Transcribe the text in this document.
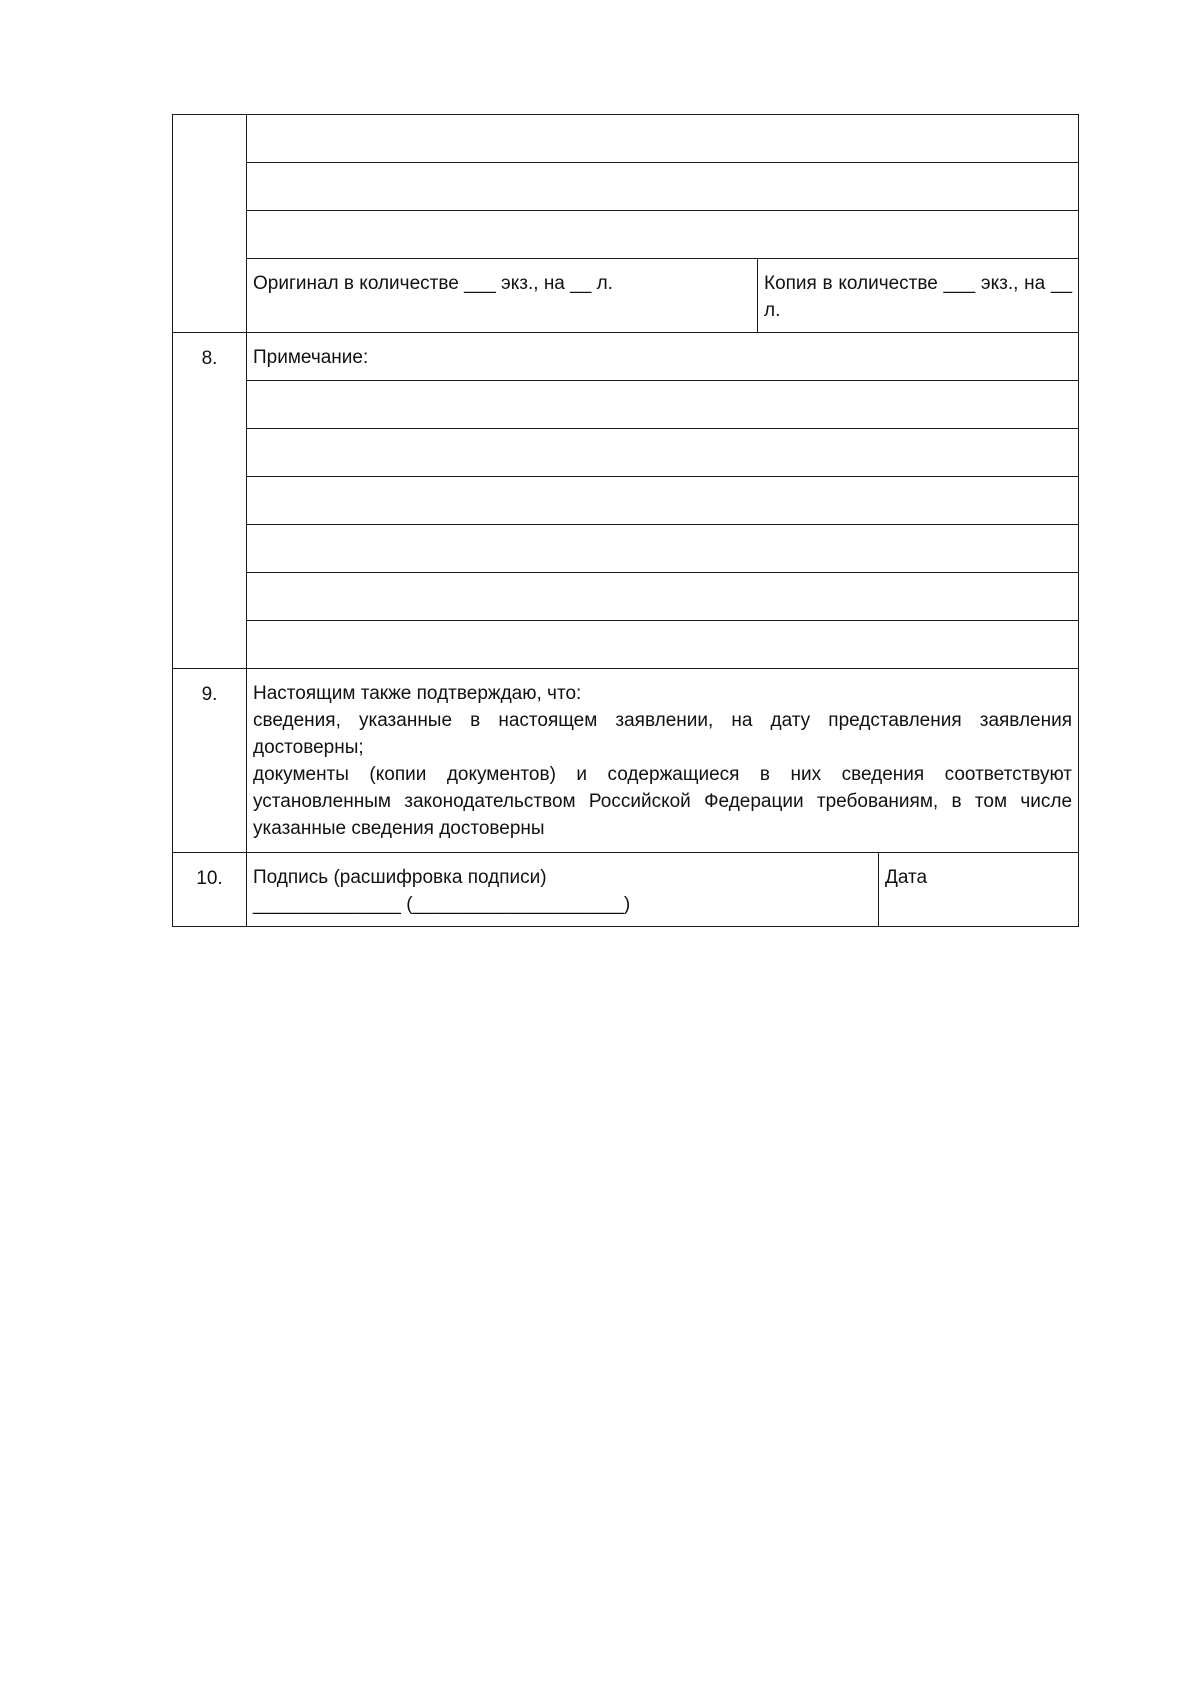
	Оригинал в количестве ___ экз., на __ л.	Копия в количестве ___ экз., на __ л.	
8.	Примечание:		

9.	Настоящим также подтверждаю, что:
сведения, указанные в настоящем заявлении, на дату представления заявления достоверны;
документы (копии документов) и содержащиеся в них сведения соответствуют установленным законодательством Российской Федерации требованиям, в том числе указанные сведения достоверны		

10.	Подпись (расшифровка подписи)
______________ (____________________)		Дата
